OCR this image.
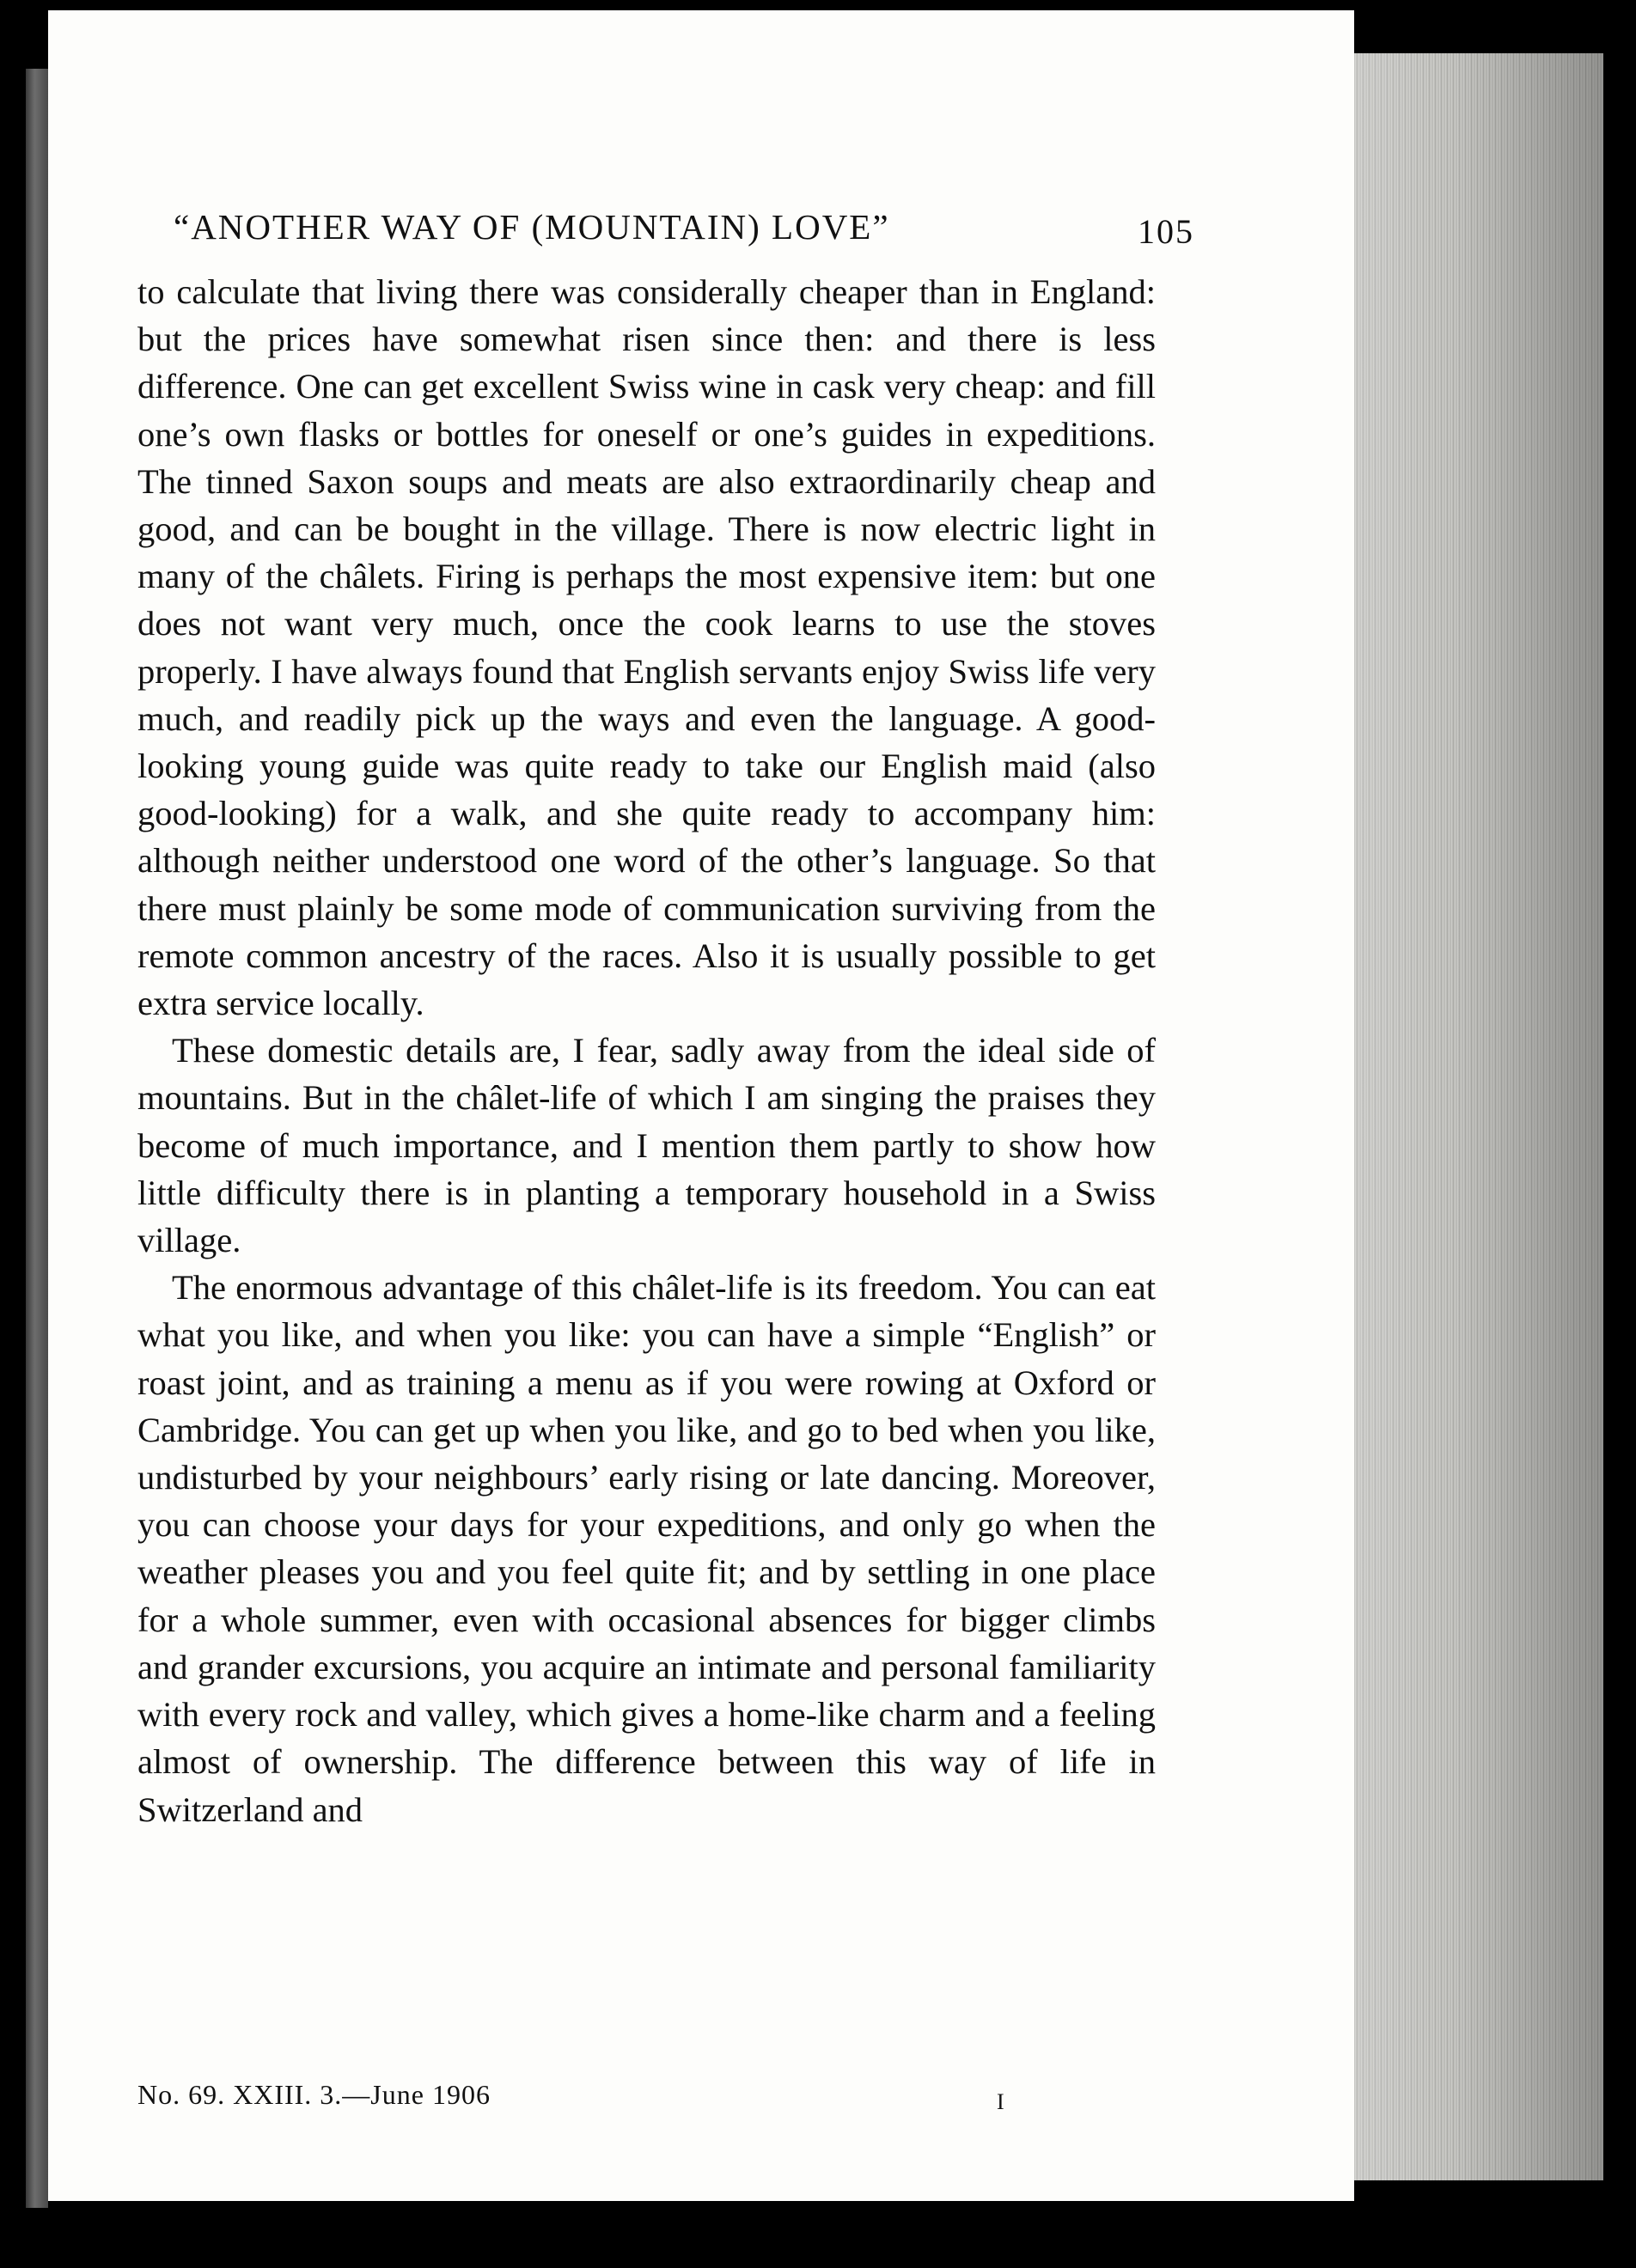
“ANOTHER WAY OF (MOUNTAIN) LOVE”	105

to calculate that living there was considerally cheaper than in England: but the prices have somewhat risen since then: and there is less difference. One can get excellent Swiss wine in cask very cheap: and fill one’s own flasks or bottles for oneself or one’s guides in expeditions. The tinned Saxon soups and meats are also extraordinarily cheap and good, and can be bought in the village. There is now electric light in many of the châlets. Firing is perhaps the most expensive item: but one does not want very much, once the cook learns to use the stoves properly. I have always found that English servants enjoy Swiss life very much, and readily pick up the ways and even the language. A good-looking young guide was quite ready to take our English maid (also good-looking) for a walk, and she quite ready to accompany him: although neither understood one word of the other’s language. So that there must plainly be some mode of communication surviving from the remote common ancestry of the races. Also it is usually possible to get extra service locally.

These domestic details are, I fear, sadly away from the ideal side of mountains. But in the châlet-life of which I am singing the praises they become of much importance, and I mention them partly to show how little difficulty there is in planting a temporary household in a Swiss village.

The enormous advantage of this châlet-life is its freedom. You can eat what you like, and when you like: you can have a simple “English” or roast joint, and as training a menu as if you were rowing at Oxford or Cambridge. You can get up when you like, and go to bed when you like, undisturbed by your neighbours’ early rising or late dancing. Moreover, you can choose your days for your expeditions, and only go when the weather pleases you and you feel quite fit; and by settling in one place for a whole summer, even with occasional absences for bigger climbs and grander excursions, you acquire an intimate and personal familiarity with every rock and valley, which gives a home-like charm and a feeling almost of ownership. The difference between this way of life in Switzerland and

No. 69. XXIII. 3.—June 1906	I
